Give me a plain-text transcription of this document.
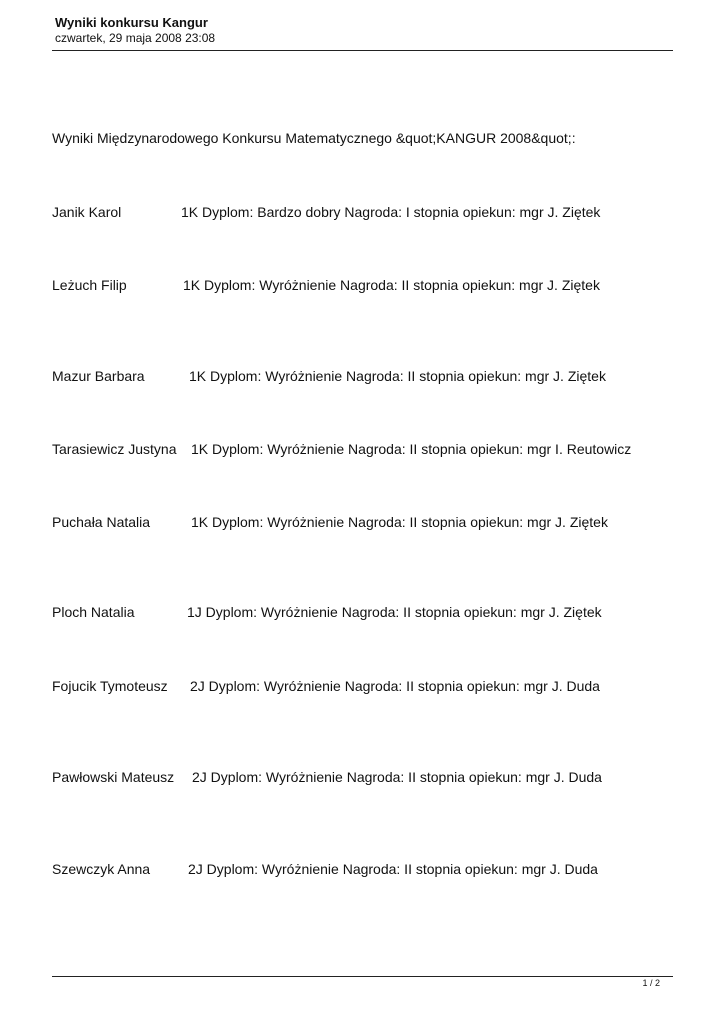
Wyniki konkursu Kangur

czwartek, 29 maja 2008 23:08

Wyniki Międzynarodowego Konkursu Matematycznego &quot;KANGUR 2008&quot;:
Janik Karol	1K Dyplom: Bardzo dobry Nagroda: I stopnia opiekun: mgr J. Ziętek
Leżuch Filip	1K Dyplom: Wyróżnienie Nagroda: II stopnia opiekun: mgr J. Ziętek
Mazur Barbara	1K Dyplom: Wyróżnienie Nagroda: II stopnia opiekun: mgr J. Ziętek
Tarasiewicz Justyna 1K Dyplom: Wyróżnienie Nagroda: II stopnia opiekun: mgr I. Reutowicz
Puchała Natalia	1K Dyplom: Wyróżnienie Nagroda: II stopnia opiekun: mgr J. Ziętek
Ploch Natalia	1J Dyplom: Wyróżnienie Nagroda: II stopnia opiekun: mgr J. Ziętek
Fojucik Tymoteusz 2J Dyplom: Wyróżnienie Nagroda: II stopnia opiekun: mgr J. Duda
Pawłowski Mateusz 2J Dyplom: Wyróżnienie Nagroda: II stopnia opiekun: mgr J. Duda
Szewczyk Anna	2J Dyplom: Wyróżnienie Nagroda: II stopnia opiekun: mgr J. Duda
1 / 2
